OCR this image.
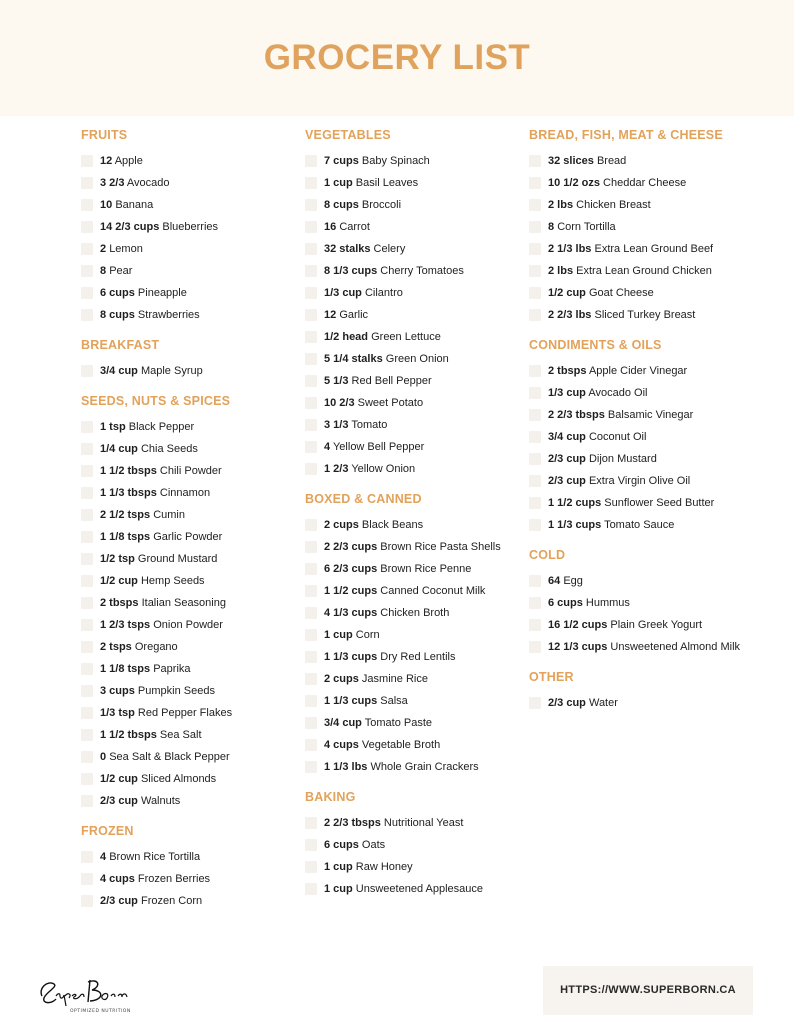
GROCERY LIST
FRUITS
12 Apple
3 2/3 Avocado
10 Banana
14 2/3 cups Blueberries
2 Lemon
8 Pear
6 cups Pineapple
8 cups Strawberries
BREAKFAST
3/4 cup Maple Syrup
SEEDS, NUTS & SPICES
1 tsp Black Pepper
1/4 cup Chia Seeds
1 1/2 tbsps Chili Powder
1 1/3 tbsps Cinnamon
2 1/2 tsps Cumin
1 1/8 tsps Garlic Powder
1/2 tsp Ground Mustard
1/2 cup Hemp Seeds
2 tbsps Italian Seasoning
1 2/3 tsps Onion Powder
2 tsps Oregano
1 1/8 tsps Paprika
3 cups Pumpkin Seeds
1/3 tsp Red Pepper Flakes
1 1/2 tbsps Sea Salt
0 Sea Salt & Black Pepper
1/2 cup Sliced Almonds
2/3 cup Walnuts
FROZEN
4 Brown Rice Tortilla
4 cups Frozen Berries
2/3 cup Frozen Corn
VEGETABLES
7 cups Baby Spinach
1 cup Basil Leaves
8 cups Broccoli
16 Carrot
32 stalks Celery
8 1/3 cups Cherry Tomatoes
1/3 cup Cilantro
12 Garlic
1/2 head Green Lettuce
5 1/4 stalks Green Onion
5 1/3 Red Bell Pepper
10 2/3 Sweet Potato
3 1/3 Tomato
4 Yellow Bell Pepper
1 2/3 Yellow Onion
BOXED & CANNED
2 cups Black Beans
2 2/3 cups Brown Rice Pasta Shells
6 2/3 cups Brown Rice Penne
1 1/2 cups Canned Coconut Milk
4 1/3 cups Chicken Broth
1 cup Corn
1 1/3 cups Dry Red Lentils
2 cups Jasmine Rice
1 1/3 cups Salsa
3/4 cup Tomato Paste
4 cups Vegetable Broth
1 1/3 lbs Whole Grain Crackers
BAKING
2 2/3 tbsps Nutritional Yeast
6 cups Oats
1 cup Raw Honey
1 cup Unsweetened Applesauce
BREAD, FISH, MEAT & CHEESE
32 slices Bread
10 1/2 ozs Cheddar Cheese
2 lbs Chicken Breast
8 Corn Tortilla
2 1/3 lbs Extra Lean Ground Beef
2 lbs Extra Lean Ground Chicken
1/2 cup Goat Cheese
2 2/3 lbs Sliced Turkey Breast
CONDIMENTS & OILS
2 tbsps Apple Cider Vinegar
1/3 cup Avocado Oil
2 2/3 tbsps Balsamic Vinegar
3/4 cup Coconut Oil
2/3 cup Dijon Mustard
2/3 cup Extra Virgin Olive Oil
1 1/2 cups Sunflower Seed Butter
1 1/3 cups Tomato Sauce
COLD
64 Egg
6 cups Hummus
16 1/2 cups Plain Greek Yogurt
12 1/3 cups Unsweetened Almond Milk
OTHER
2/3 cup Water
OPTIMIZED NUTRITION
HTTPS://WWW.SUPERBORN.CA
